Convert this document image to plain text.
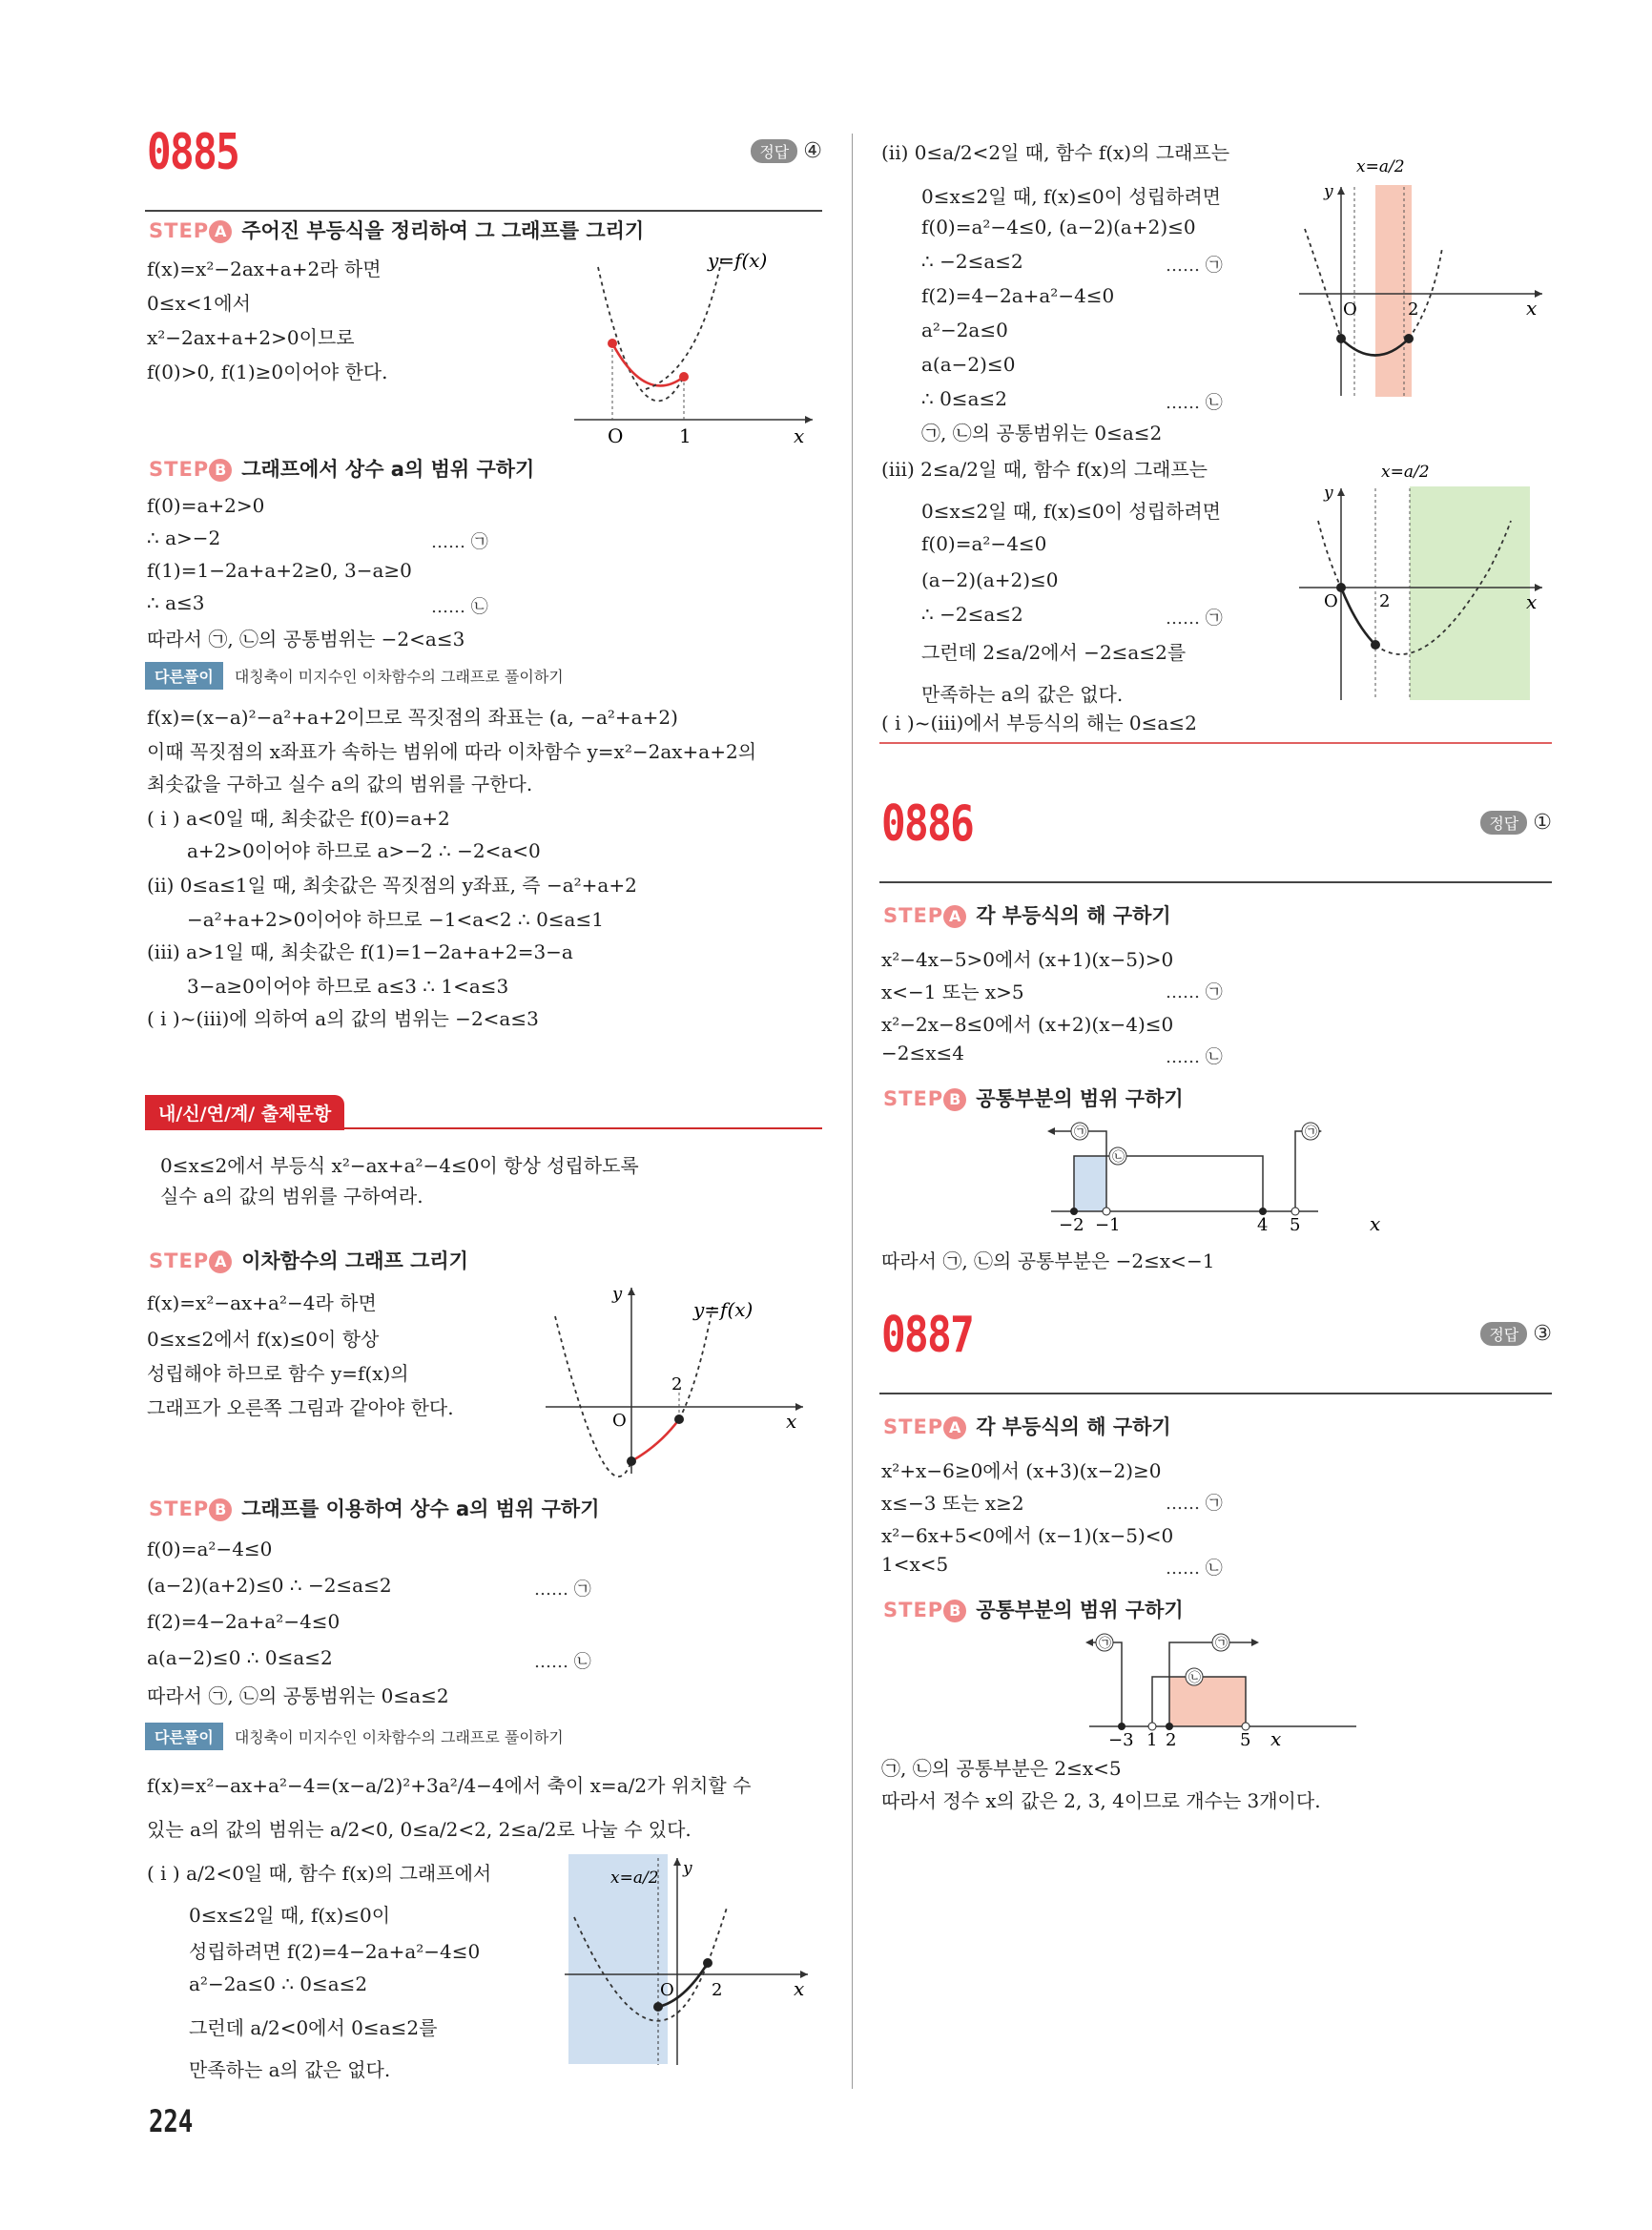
0885	정답 ④
STEP A 주어진 부등식을 정리하여 그 그래프를 그리기
f(x)=x²−2ax+a+2라 하면
0≤x<1에서
x²−2ax+a+2>0이므로
f(0)>0, f(1)≥0이어야 한다.
y=f(x)
O	1	x
STEP B 그래프에서 상수 a의 범위 구하기
f(0)=a+2>0
∴ a>−2	…… ㉠
f(1)=1−2a+a+2≥0, 3−a≥0
∴ a≤3	…… ㉡
따라서 ㉠, ㉡의 공통범위는 −2<a≤3
다른풀이 대칭축이 미지수인 이차함수의 그래프로 풀이하기
f(x)=(x−a)²−a²+a+2이므로 꼭짓점의 좌표는 (a, −a²+a+2)
이때 꼭짓점의 x좌표가 속하는 범위에 따라 이차함수 y=x²−2ax+a+2의
최솟값을 구하고 실수 a의 값의 범위를 구한다.
( i ) a<0일 때, 최솟값은 f(0)=a+2
a+2>0이어야 하므로 a>−2 ∴ −2<a<0
(ii) 0≤a≤1일 때, 최솟값은 꼭짓점의 y좌표, 즉 −a²+a+2
−a²+a+2>0이어야 하므로 −1<a<2 ∴ 0≤a≤1
(iii) a>1일 때, 최솟값은 f(1)=1−2a+a+2=3−a
3−a≥0이어야 하므로 a≤3 ∴ 1<a≤3
( i )~(iii)에 의하여 a의 값의 범위는 −2<a≤3
내/신/연/계/ 출제문항
0≤x≤2에서 부등식 x²−ax+a²−4≤0이 항상 성립하도록
실수 a의 값의 범위를 구하여라.
STEP A 이차함수의 그래프 그리기
f(x)=x²−ax+a²−4라 하면
0≤x≤2에서 f(x)≤0이 항상
성립해야 하므로 함수 y=f(x)의
그래프가 오른쪽 그림과 같아야 한다.
y
y=f(x)
O
2
x
STEP B 그래프를 이용하여 상수 a의 범위 구하기
f(0)=a²−4≤0
(a−2)(a+2)≤0 ∴ −2≤a≤2	…… ㉠
f(2)=4−2a+a²−4≤0
a(a−2)≤0 ∴ 0≤a≤2	…… ㉡
따라서 ㉠, ㉡의 공통범위는 0≤a≤2
다른풀이 대칭축이 미지수인 이차함수의 그래프로 풀이하기
f(x)=x²−ax+a²−4=(x−a/2)²+3a²/4−4에서 축이 x=a/2가 위치할 수
있는 a의 값의 범위는 a/2<0, 0≤a/2<2, 2≤a/2로 나눌 수 있다.
( i ) a/2<0일 때, 함수 f(x)의 그래프에서
0≤x≤2일 때, f(x)≤0이
성립하려면 f(2)=4−2a+a²−4≤0
a²−2a≤0 ∴ 0≤a≤2
그런데 a/2<0에서 0≤a≤2를
만족하는 a의 값은 없다.
x=a/2 y
O 2	x
(ii) 0≤a/2<2일 때, 함수 f(x)의 그래프는
0≤x≤2일 때, f(x)≤0이 성립하려면
f(0)=a²−4≤0, (a−2)(a+2)≤0
∴ −2≤a≤2	…… ㉠
f(2)=4−2a+a²−4≤0
a²−2a≤0
a(a−2)≤0
∴ 0≤a≤2	…… ㉡
㉠, ㉡의 공통범위는 0≤a≤2
x=a/2
y
O	2	x
(iii) 2≤a/2일 때, 함수 f(x)의 그래프는
0≤x≤2일 때, f(x)≤0이 성립하려면
f(0)=a²−4≤0
(a−2)(a+2)≤0
∴ −2≤a≤2	…… ㉠
그런데 2≤a/2에서 −2≤a≤2를
만족하는 a의 값은 없다.
( i )~(iii)에서 부등식의 해는 0≤a≤2
x=a/2
y
O 2	x
0886	정답 ①
STEP A 각 부등식의 해 구하기
x²−4x−5>0에서 (x+1)(x−5)>0
x<−1 또는 x>5	…… ㉠
x²−2x−8≤0에서 (x+2)(x−4)≤0
−2≤x≤4	…… ㉡
STEP B 공통부분의 범위 구하기
㉠
㉡
㉠
−2 −1	4 5	x
따라서 ㉠, ㉡의 공통부분은 −2≤x<−1
0887	정답 ③
STEP A 각 부등식의 해 구하기
x²+x−6≥0에서 (x+3)(x−2)≥0
x≤−3 또는 x≥2	…… ㉠
x²−6x+5<0에서 (x−1)(x−5)<0
1<x<5	…… ㉡
STEP B 공통부분의 범위 구하기
㉠	㉠
㉡
−3 1 2	5 x
㉠, ㉡의 공통부분은 2≤x<5
따라서 정수 x의 값은 2, 3, 4이므로 개수는 3개이다.
224
